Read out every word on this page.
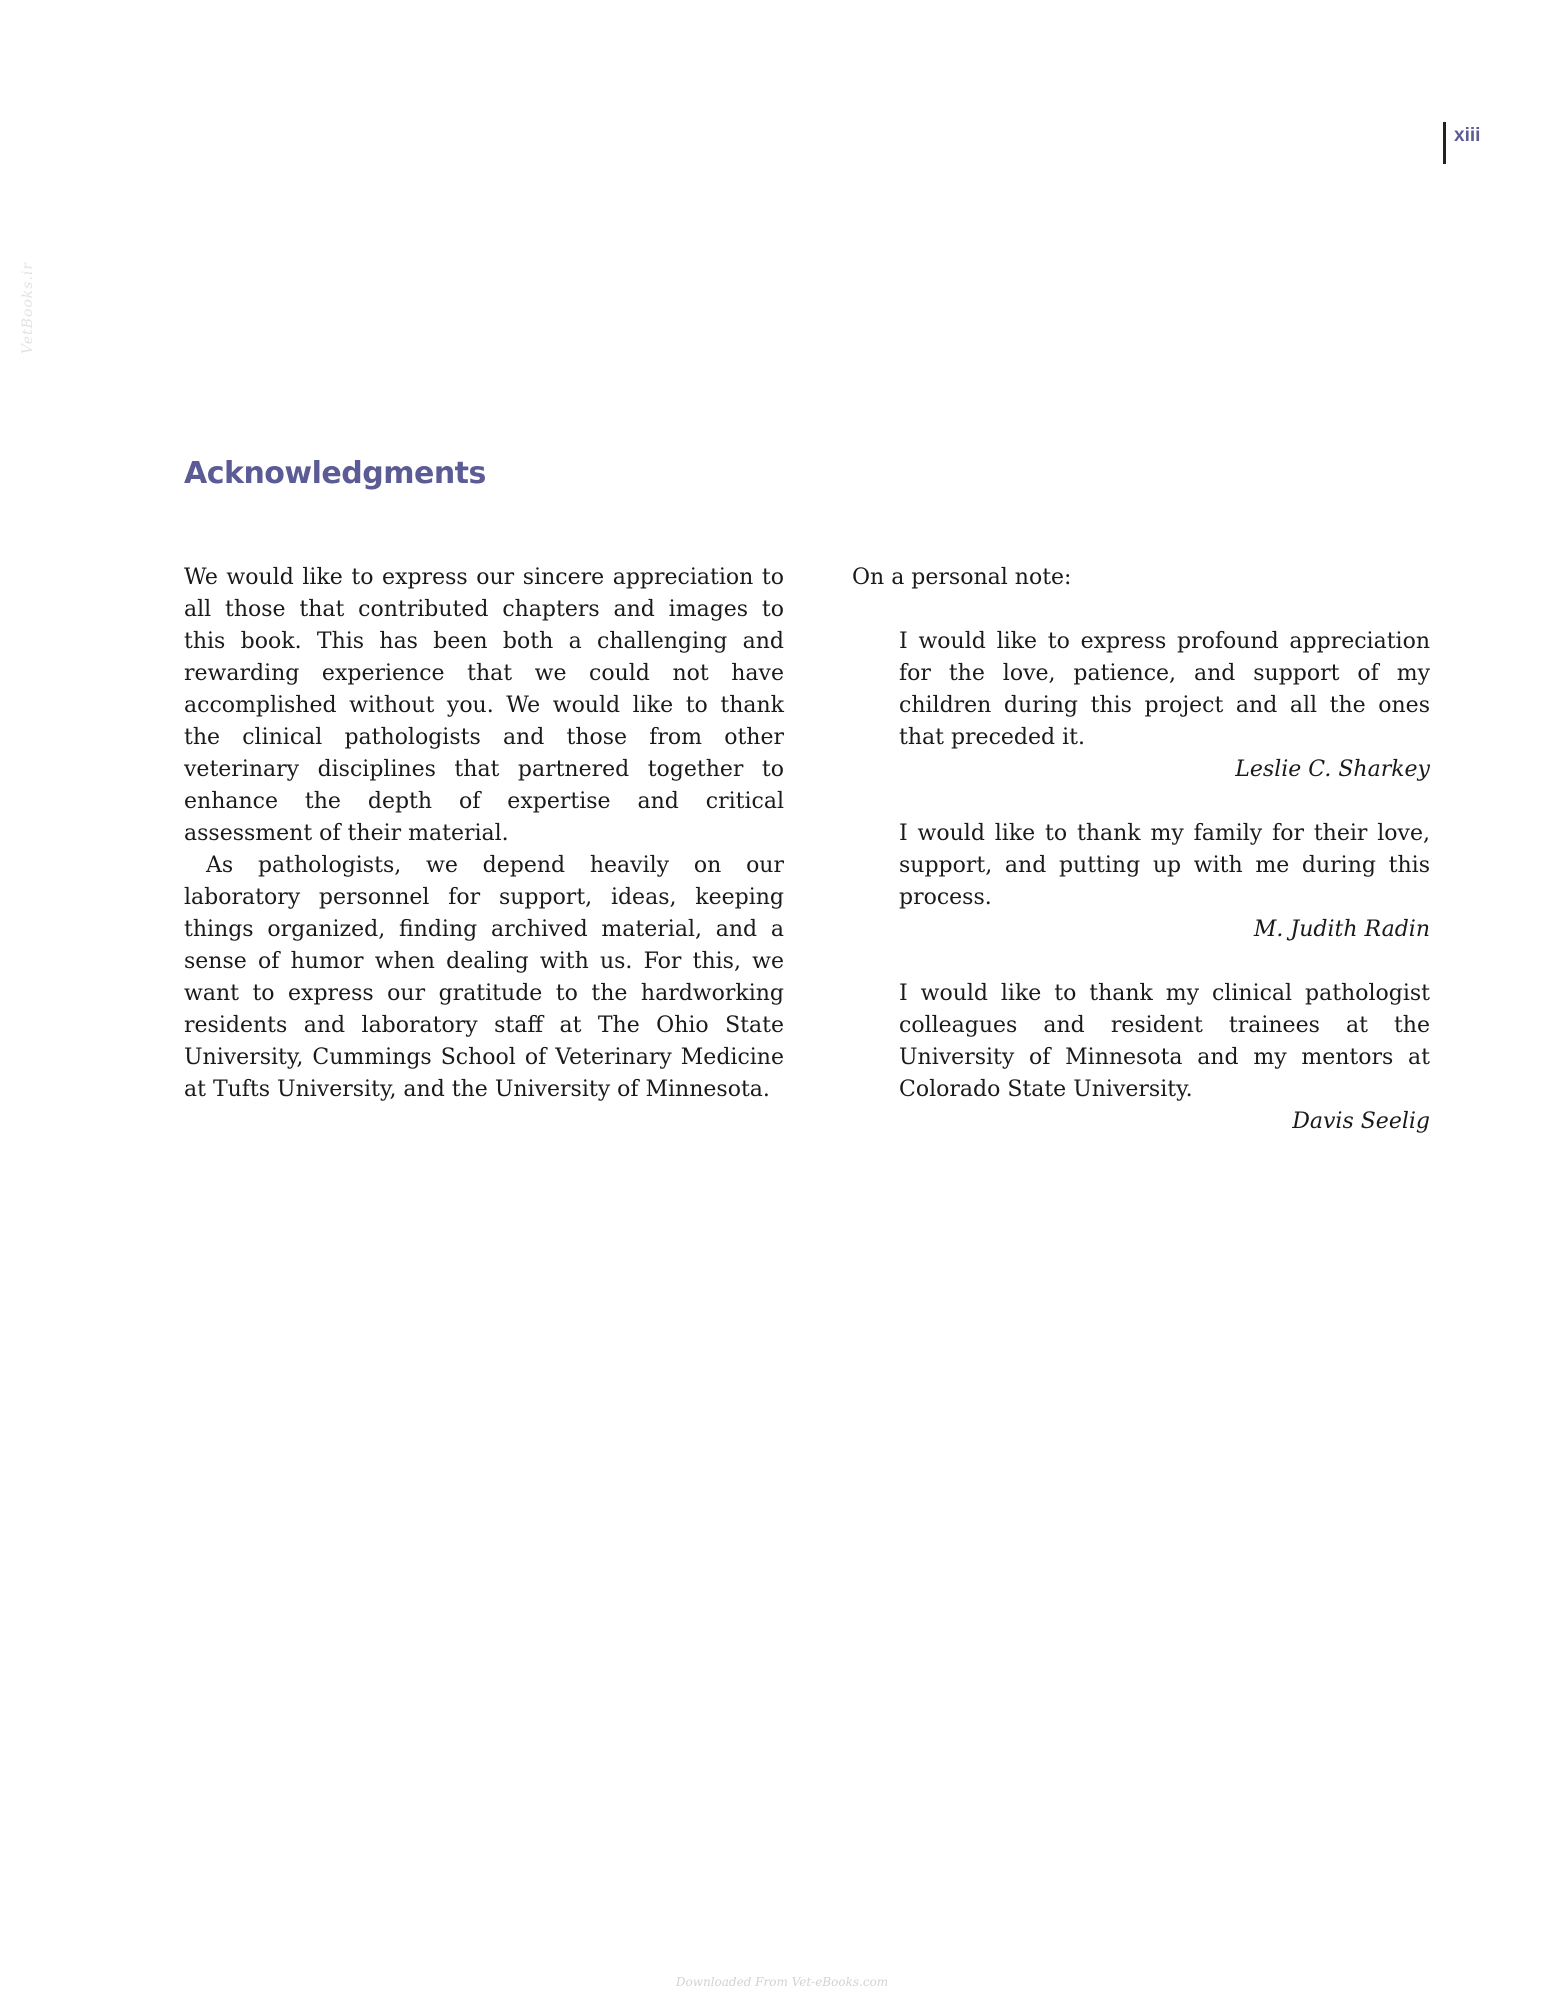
xiii
VetBooks.ir
Acknowledgments

We would like to express our sincere appreciation to all those that contributed chapters and images to this book. This has been both a challenging and rewarding experience that we could not have accomplished without you. We would like to thank the clinical pathologists and those from other veterinary disciplines that partnered together to enhance the depth of expertise and critical assessment of their material.

As pathologists, we depend heavily on our laboratory personnel for support, ideas, keeping things organized, finding archived material, and a sense of humor when dealing with us. For this, we want to express our gratitude to the hardworking residents and laboratory staff at The Ohio State University, Cummings School of Veterinary Medicine at Tufts University, and the University of Minnesota.

On a personal note:

I would like to express profound appreciation for the love, patience, and support of my children during this project and all the ones that preceded it.

Leslie C. Sharkey

I would like to thank my family for their love, support, and putting up with me during this process.

M. Judith Radin

I would like to thank my clinical pathologist colleagues and resident trainees at the University of Minnesota and my mentors at Colorado State University.

Davis Seelig

Downloaded From Vet-eBooks.com
